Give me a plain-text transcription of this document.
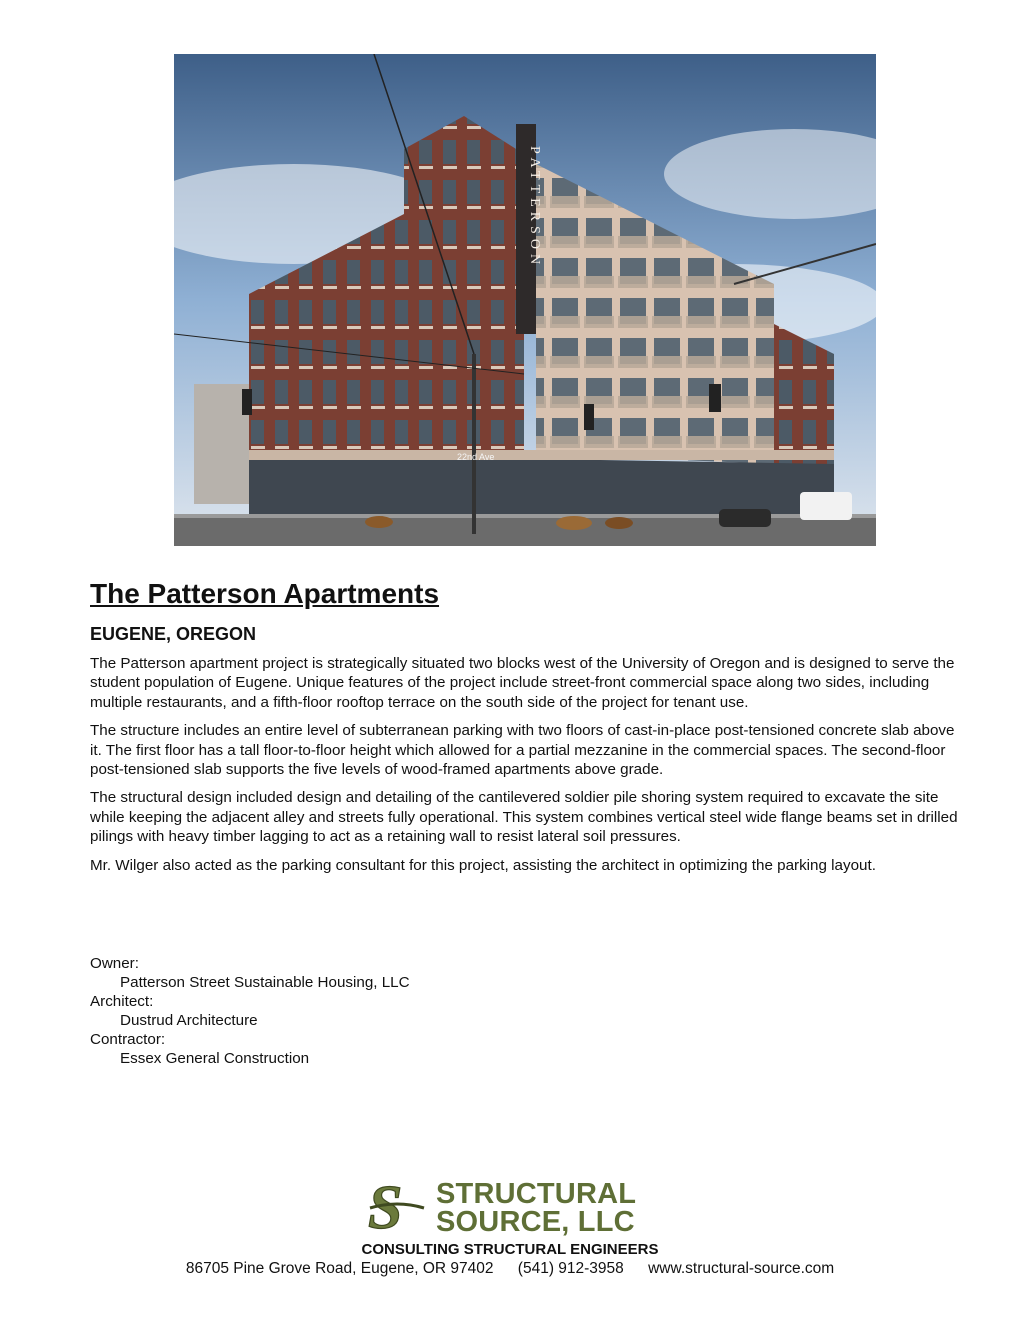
PATTERSON
22nd Ave
The Patterson Apartments
EUGENE, OREGON

The Patterson apartment project is strategically situated two blocks west of the University of Oregon and is designed to serve the student population of Eugene. Unique features of the project include street-front commercial space along two sides, including multiple restaurants, and a fifth-floor rooftop terrace on the south side of the project for tenant use.

The structure includes an entire level of subterranean parking with two floors of cast-in-place post-tensioned concrete slab above it. The first floor has a tall floor-to-floor height which allowed for a partial mezzanine in the commercial spaces. The second-floor post-tensioned slab supports the five levels of wood-framed apartments above grade.

The structural design included design and detailing of the cantilevered soldier pile shoring system required to excavate the site while keeping the adjacent alley and streets fully operational. This system combines vertical steel wide flange beams set in drilled pilings with heavy timber lagging to act as a retaining wall to resist lateral soil pressures.

Mr. Wilger also acted as the parking consultant for this project, assisting the architect in optimizing the parking layout.

Owner:
Patterson Street Sustainable Housing, LLC
Architect:
Dustrud Architecture
Contractor:
Essex General Construction
S STRUCTURAL
SOURCE, LLC
CONSULTING STRUCTURAL ENGINEERS
86705 Pine Grove Road, Eugene, OR 97402 (541) 912-3958 www.structural-source.com
